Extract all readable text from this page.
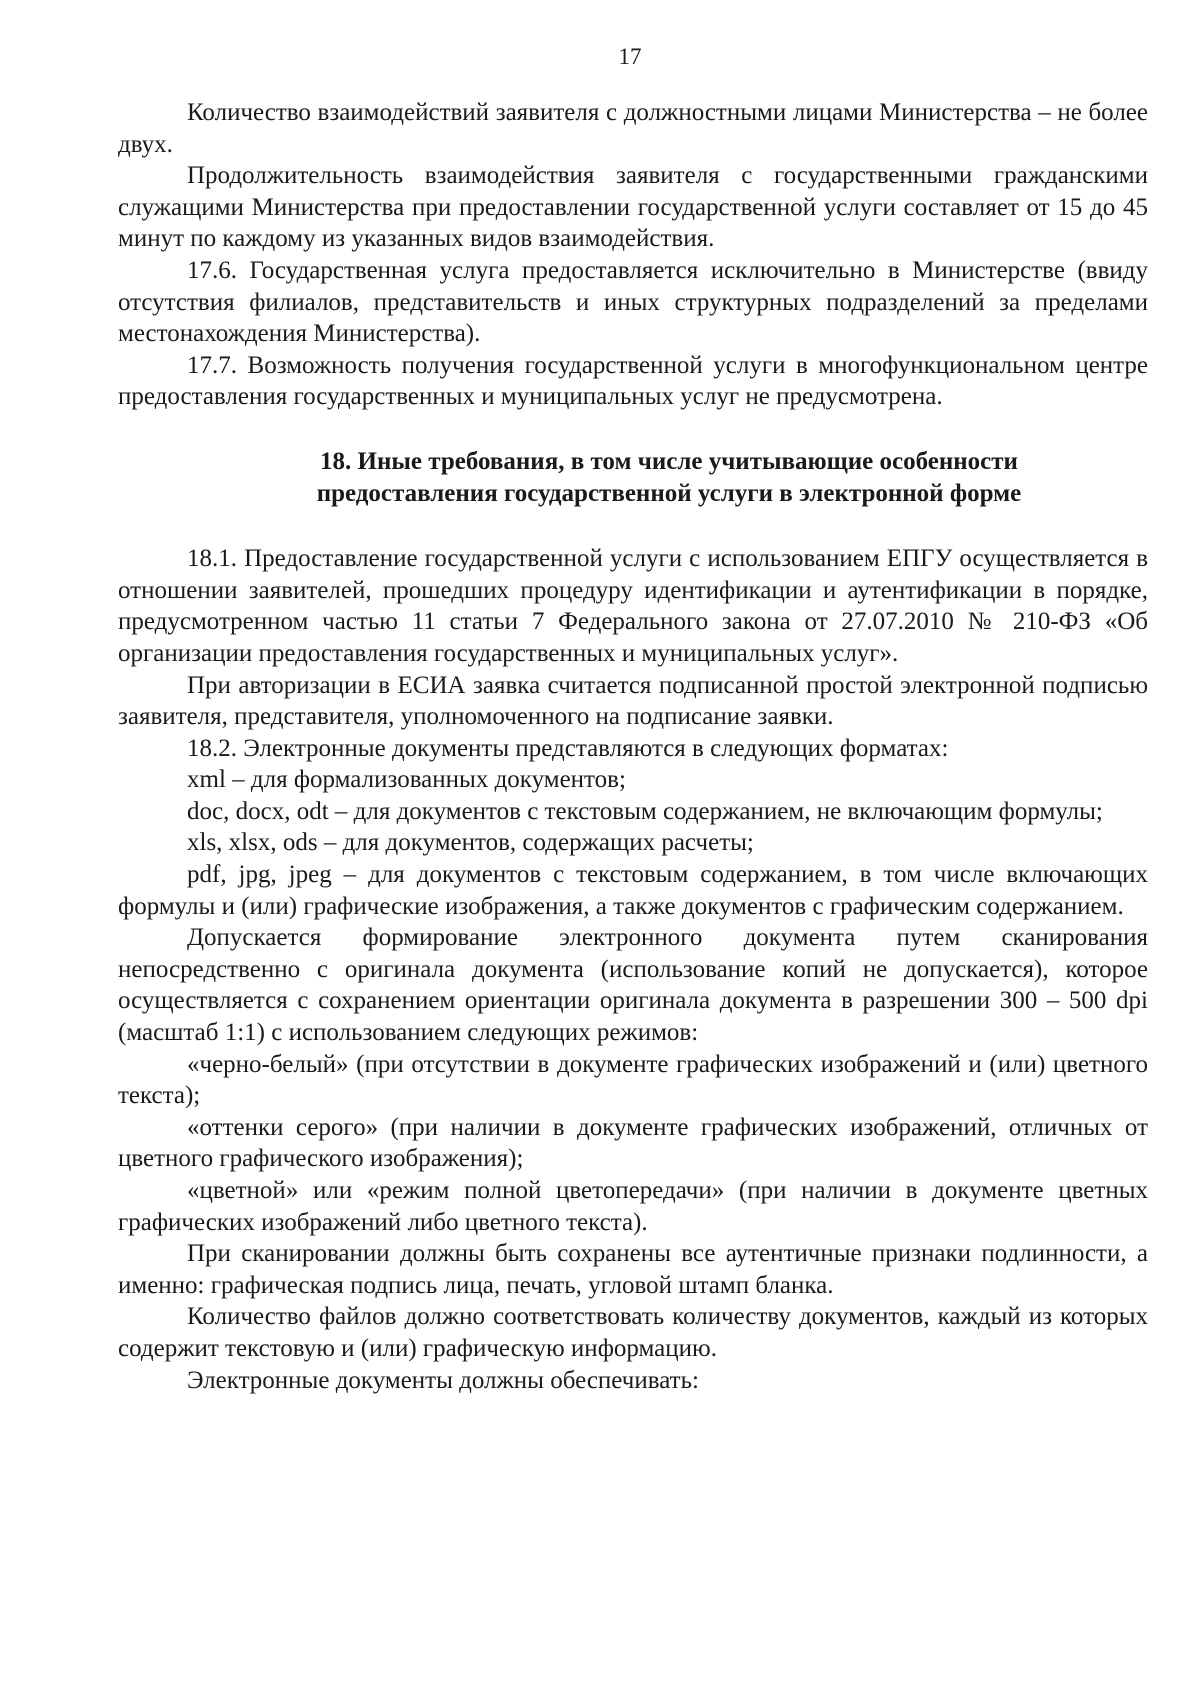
17

Количество взаимодействий заявителя с должностными лицами Министерства – не более двух.

Продолжительность взаимодействия заявителя с государственными гражданскими служащими Министерства при предоставлении государственной услуги составляет от 15 до 45 минут по каждому из указанных видов взаимодействия.

17.6. Государственная услуга предоставляется исключительно в Министерстве (ввиду отсутствия филиалов, представительств и иных структурных подразделений за пределами местонахождения Министерства).

17.7. Возможность получения государственной услуги в многофункциональном центре предоставления государственных и муниципальных услуг не предусмотрена.

18. Иные требования, в том числе учитывающие особенности
предоставления государственной услуги в электронной форме

18.1. Предоставление государственной услуги с использованием ЕПГУ осуществляется в отношении заявителей, прошедших процедуру идентификации и аутентификации в порядке, предусмотренном частью 11 статьи 7 Федерального закона от 27.07.2010 № 210-ФЗ «Об организации предоставления государственных и муниципальных услуг».

При авторизации в ЕСИА заявка считается подписанной простой электронной подписью заявителя, представителя, уполномоченного на подписание заявки.

18.2. Электронные документы представляются в следующих форматах:

xml – для формализованных документов;

doc, docx, odt – для документов с текстовым содержанием, не включающим формулы;

xls, xlsx, ods – для документов, содержащих расчеты;

pdf, jpg, jpeg – для документов с текстовым содержанием, в том числе включающих формулы и (или) графические изображения, а также документов с графическим содержанием.

Допускается формирование электронного документа путем сканирования непосредственно с оригинала документа (использование копий не допускается), которое осуществляется с сохранением ориентации оригинала документа в разрешении 300 – 500 dpi (масштаб 1:1) с использованием следующих режимов:

«черно-белый» (при отсутствии в документе графических изображений и (или) цветного текста);

«оттенки серого» (при наличии в документе графических изображений, отличных от цветного графического изображения);

«цветной» или «режим полной цветопередачи» (при наличии в документе цветных графических изображений либо цветного текста).

При сканировании должны быть сохранены все аутентичные признаки подлинности, а именно: графическая подпись лица, печать, угловой штамп бланка.

Количество файлов должно соответствовать количеству документов, каждый из которых содержит текстовую и (или) графическую информацию.

Электронные документы должны обеспечивать:
